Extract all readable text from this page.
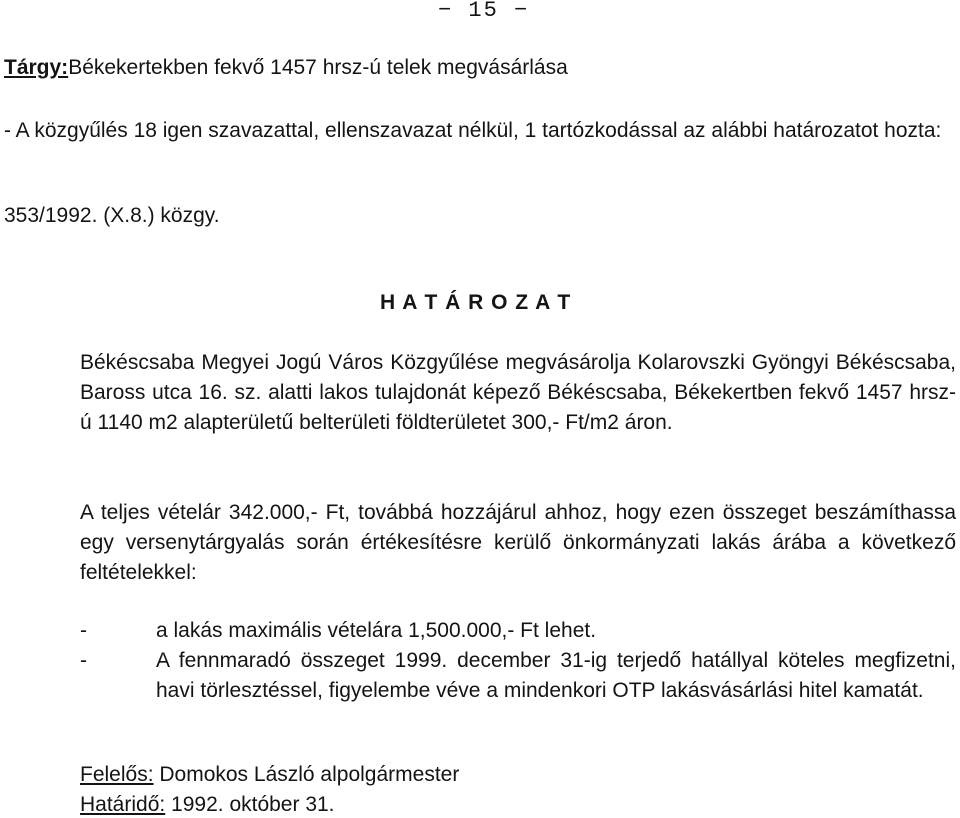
− 15 −
Tárgy:Békekertekben fekvő 1457 hrsz-ú telek megvásárlása
- A közgyűlés 18 igen szavazattal, ellenszavazat nélkül, 1 tartózkodással az alábbi határozatot hozta:
353/1992. (X.8.) közgy.
H A T Á R O Z A T
Békéscsaba Megyei Jogú Város Közgyűlése megvásárolja Kolarovszki Gyöngyi Békéscsaba, Baross utca 16. sz. alatti lakos tulajdonát képező Békéscsaba, Békekertben fekvő 1457 hrsz-ú 1140 m2 alapterületű belterületi földterületet 300,- Ft/m2 áron.
A teljes vételár 342.000,- Ft, továbbá hozzájárul ahhoz, hogy ezen összeget beszámíthassa egy versenytárgyalás során értékesítésre kerülő önkormányzati lakás árába a következő feltételekkel:
-	a lakás maximális vételára 1,500.000,- Ft lehet.
-	A fennmaradó összeget 1999. december 31-ig terjedő hatállyal köteles megfizetni, havi törlesztéssel, figyelembe véve a mindenkori OTP lakásvásárlási hitel kamatát.
Felelős: Domokos László alpolgármester
Határidő: 1992. október 31.
